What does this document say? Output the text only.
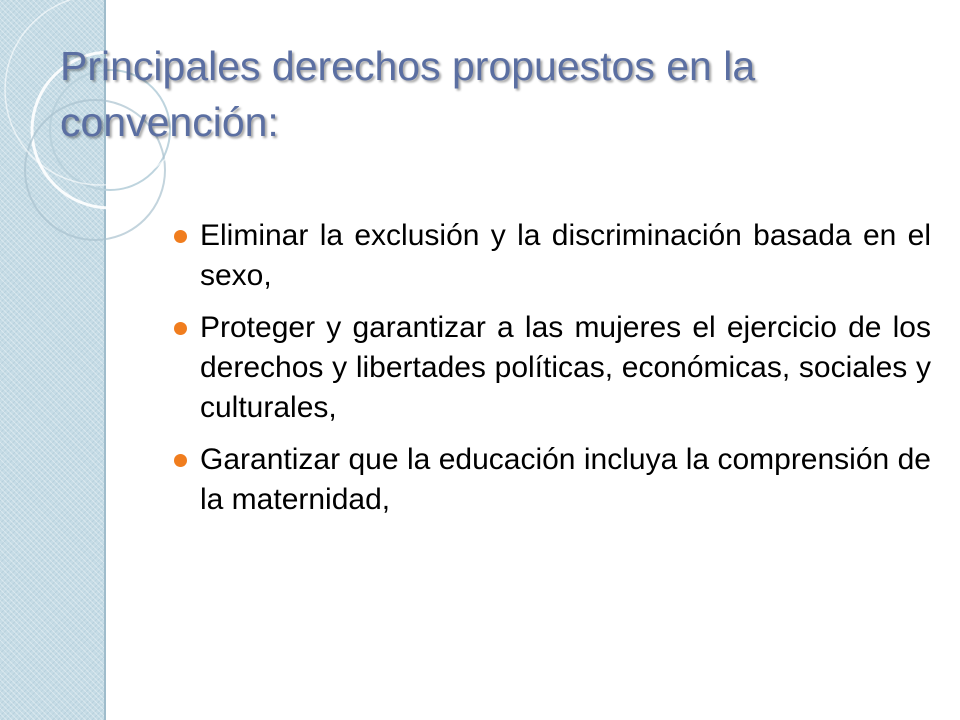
Principales derechos propuestos en la convención:
Eliminar la exclusión y la discriminación basada en el sexo,
Proteger y garantizar a las mujeres el ejercicio de los derechos y libertades políticas, económicas, sociales y culturales,
Garantizar que la educación incluya la comprensión de la maternidad,
